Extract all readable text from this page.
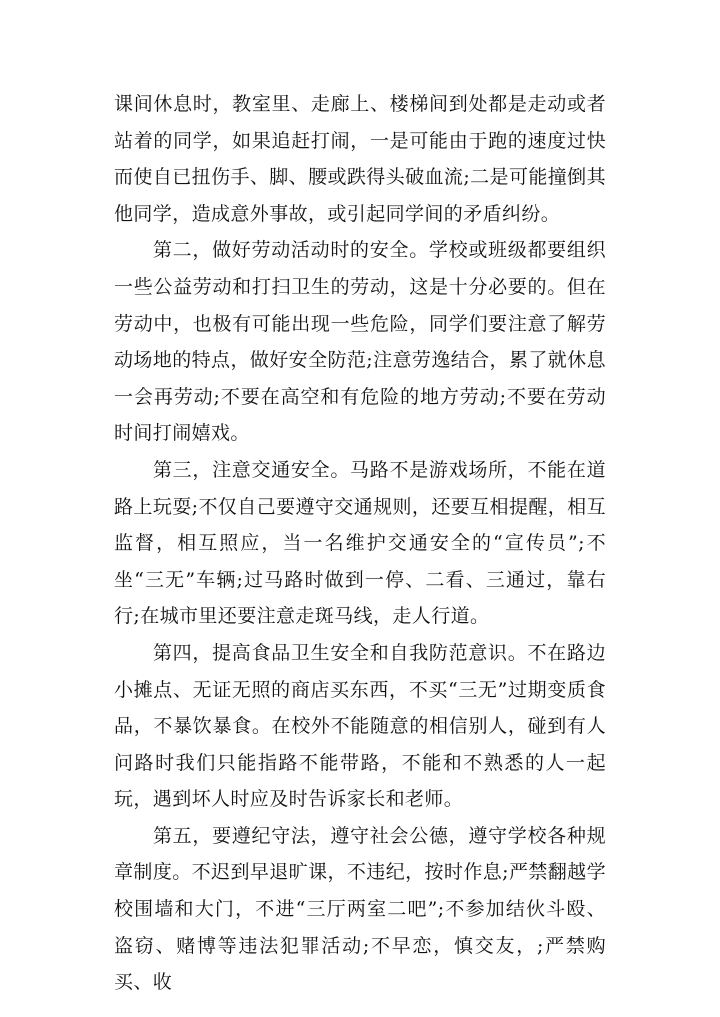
课间休息时，教室里、走廊上、楼梯间到处都是走动或者站着的同学，如果追赶打闹，一是可能由于跑的速度过快而使自已扭伤手、脚、腰或跌得头破血流;二是可能撞倒其他同学，造成意外事故，或引起同学间的矛盾纠纷。

第二，做好劳动活动时的安全。学校或班级都要组织一些公益劳动和打扫卫生的劳动，这是十分必要的。但在劳动中，也极有可能出现一些危险，同学们要注意了解劳动场地的特点，做好安全防范;注意劳逸结合，累了就休息一会再劳动;不要在高空和有危险的地方劳动;不要在劳动时间打闹嬉戏。

第三，注意交通安全。马路不是游戏场所，不能在道路上玩耍;不仅自己要遵守交通规则，还要互相提醒，相互监督，相互照应，当一名维护交通安全的“宣传员”;不坐“三无”车辆;过马路时做到一停、二看、三通过，靠右行;在城市里还要注意走斑马线，走人行道。

第四，提高食品卫生安全和自我防范意识。不在路边小摊点、无证无照的商店买东西，不买“三无”过期变质食品，不暴饮暴食。在校外不能随意的相信别人，碰到有人问路时我们只能指路不能带路，不能和不熟悉的人一起玩，遇到坏人时应及时告诉家长和老师。

第五，要遵纪守法，遵守社会公德，遵守学校各种规章制度。不迟到早退旷课，不违纪，按时作息;严禁翻越学校围墙和大门，不进“三厅两室二吧”;不参加结伙斗殴、盗窃、赌博等违法犯罪活动;不早恋，慎交友，;严禁购买、收
